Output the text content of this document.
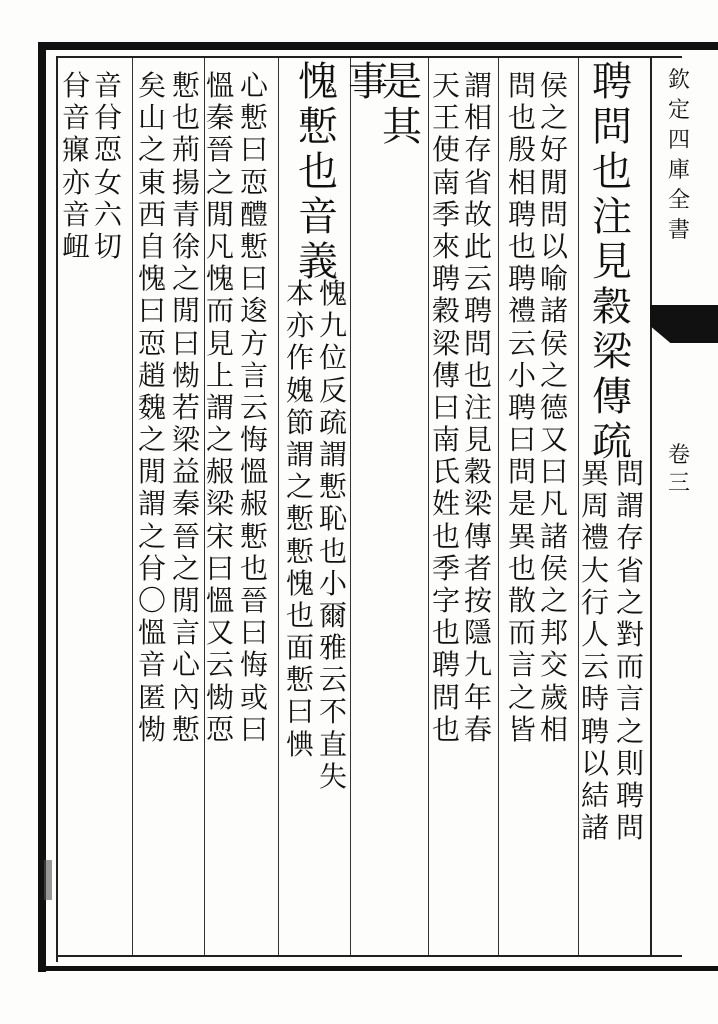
欽
定
四
庫
全
書
卷
三
聘
問
也
注
見
穀
梁
傳
疏
異
周
禮
大
行
人
云
時
聘
以
結
諸
問
謂
存
省
之
對
而
言
之
則
聘
問
侯
之
好
閒
問
以
喻
諸
侯
之
德
又
曰
凡
諸
侯
之
邦
交
歲
相
問
也
殷
相
聘
也
聘
禮
云
小
聘
曰
問
是
異
也
散
而
言
之
皆
謂
相
存
省
故
此
云
聘
問
也
注
見
穀
梁
傳
者
按
隱
九
年
春
天
王
使
南
季
來
聘
穀
梁
傳
曰
南
氏
姓
也
季
字
也
聘
問
也
是
其
事
愧
慙
也
音
義
愧
九
位
反
疏
謂
慙
恥
也
小
爾
雅
云
不
直
失
本
亦
作
媿
節
謂
之
慙
慙
愧
也
面
慙
曰
㥏
心
慙
曰
恧
醴
慙
曰
逡
方
言
云
悔
慍
赧
慙
也
晉
曰
悔
或
曰
慍
秦
晉
之
閒
凡
愧
而
見
上
謂
之
赧
梁
宋
曰
慍
又
云
㤼
恧
慙
也
荊
揚
青
徐
之
閒
曰
㤼
若
梁
益
秦
晉
之
閒
言
心
內
慙
矣
山
之
東
西
自
愧
曰
恧
趙
魏
之
閒
謂
之
䏌
〇
慍
音
匿
㤼
音
䏌
恧
女
六
切
䏌
音
寱
亦
音
衄
